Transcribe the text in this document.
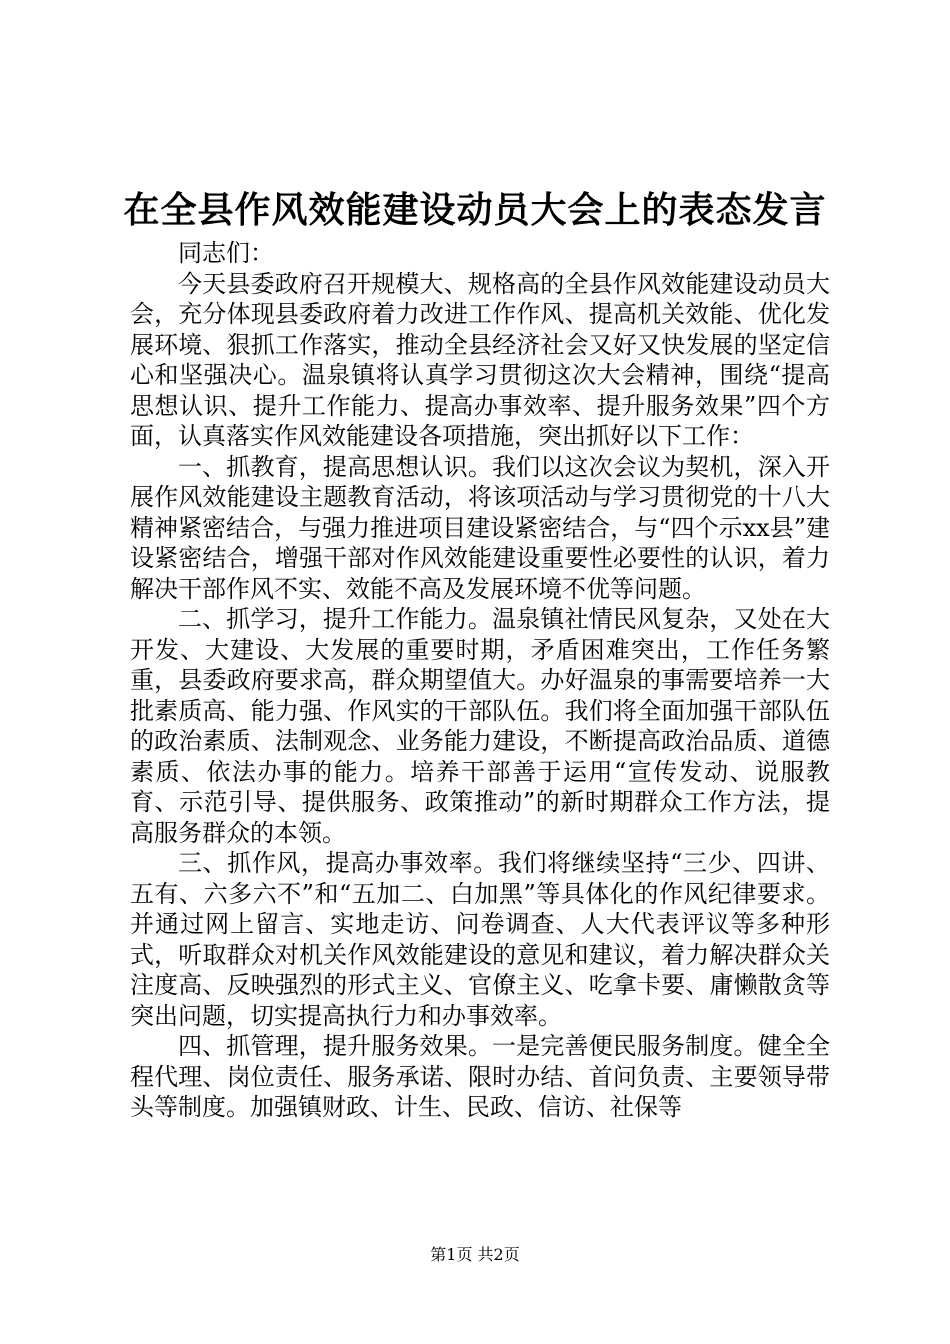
在全县作风效能建设动员大会上的表态发言

同志们：

今天县委政府召开规模大、规格高的全县作风效能建设动员大会，充分体现县委政府着力改进工作作风、提高机关效能、优化发展环境、狠抓工作落实，推动全县经济社会又好又快发展的坚定信心和坚强决心。温泉镇将认真学习贯彻这次大会精神，围绕“提高思想认识、提升工作能力、提高办事效率、提升服务效果”四个方面，认真落实作风效能建设各项措施，突出抓好以下工作：

一、抓教育，提高思想认识。我们以这次会议为契机，深入开展作风效能建设主题教育活动，将该项活动与学习贯彻党的十八大精神紧密结合，与强力推进项目建设紧密结合，与“四个示xx县”建设紧密结合，增强干部对作风效能建设重要性必要性的认识，着力解决干部作风不实、效能不高及发展环境不优等问题。

二、抓学习，提升工作能力。温泉镇社情民风复杂，又处在大开发、大建设、大发展的重要时期，矛盾困难突出，工作任务繁重，县委政府要求高，群众期望值大。办好温泉的事需要培养一大批素质高、能力强、作风实的干部队伍。我们将全面加强干部队伍的政治素质、法制观念、业务能力建设，不断提高政治品质、道德素质、依法办事的能力。培养干部善于运用“宣传发动、说服教育、示范引导、提供服务、政策推动”的新时期群众工作方法，提高服务群众的本领。

三、抓作风，提高办事效率。我们将继续坚持“三少、四讲、五有、六多六不”和“五加二、白加黑”等具体化的作风纪律要求。并通过网上留言、实地走访、问卷调查、人大代表评议等多种形式，听取群众对机关作风效能建设的意见和建议，着力解决群众关注度高、反映强烈的形式主义、官僚主义、吃拿卡要、庸懒散贪等突出问题，切实提高执行力和办事效率。

四、抓管理，提升服务效果。一是完善便民服务制度。健全全程代理、岗位责任、服务承诺、限时办结、首问负责、主要领导带头等制度。加强镇财政、计生、民政、信访、社保等

第1页 共2页
